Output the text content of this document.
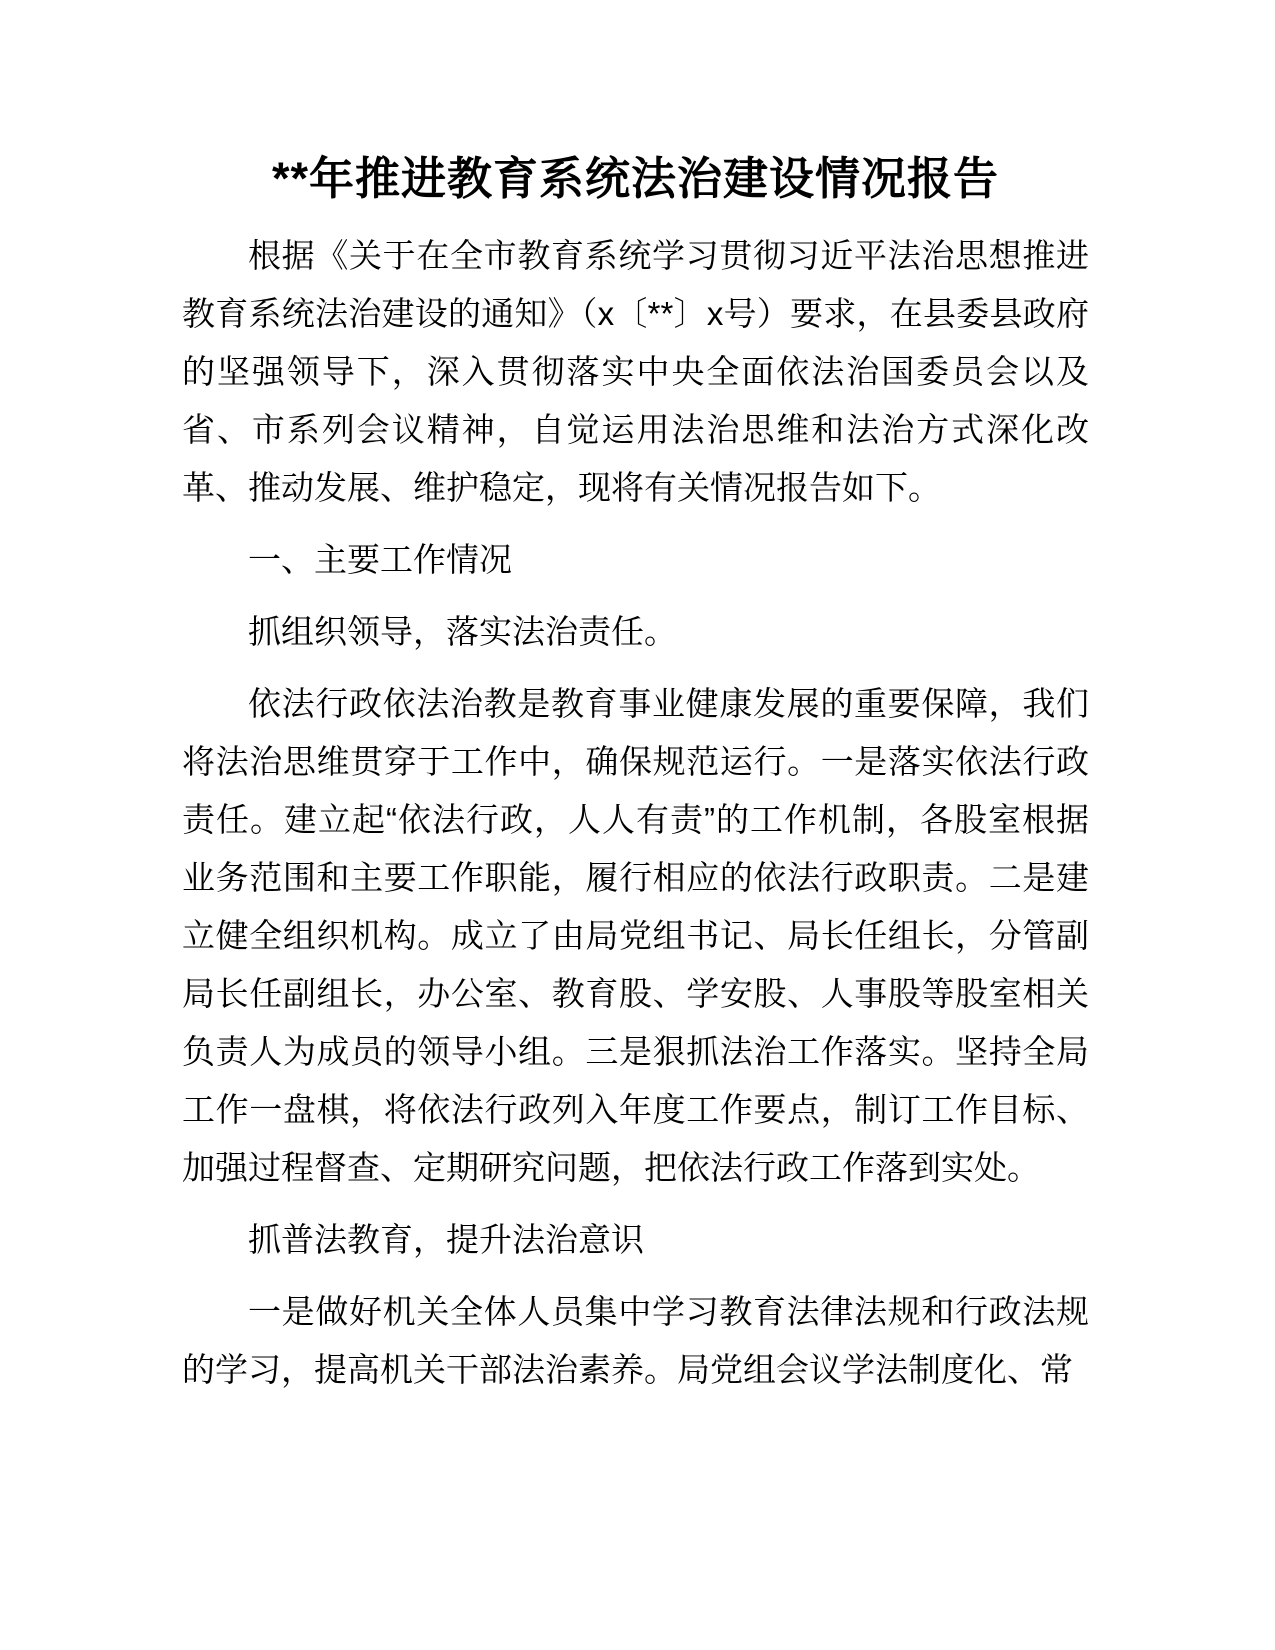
**年推进教育系统法治建设情况报告

根据《关于在全市教育系统学习贯彻习近平法治思想推进教育系统法治建设的通知》（x〔**〕x号）要求，在县委县政府的坚强领导下，深入贯彻落实中央全面依法治国委员会以及省、市系列会议精神，自觉运用法治思维和法治方式深化改革、推动发展、维护稳定，现将有关情况报告如下。

一、主要工作情况

抓组织领导，落实法治责任。

依法行政依法治教是教育事业健康发展的重要保障，我们将法治思维贯穿于工作中，确保规范运行。一是落实依法行政责任。建立起“依法行政，人人有责”的工作机制，各股室根据业务范围和主要工作职能，履行相应的依法行政职责。二是建立健全组织机构。成立了由局党组书记、局长任组长，分管副局长任副组长，办公室、教育股、学安股、人事股等股室相关负责人为成员的领导小组。三是狠抓法治工作落实。坚持全局工作一盘棋，将依法行政列入年度工作要点，制订工作目标、加强过程督查、定期研究问题，把依法行政工作落到实处。

抓普法教育，提升法治意识

一是做好机关全体人员集中学习教育法律法规和行政法规的学习，提高机关干部法治素养。局党组会议学法制度化、常
